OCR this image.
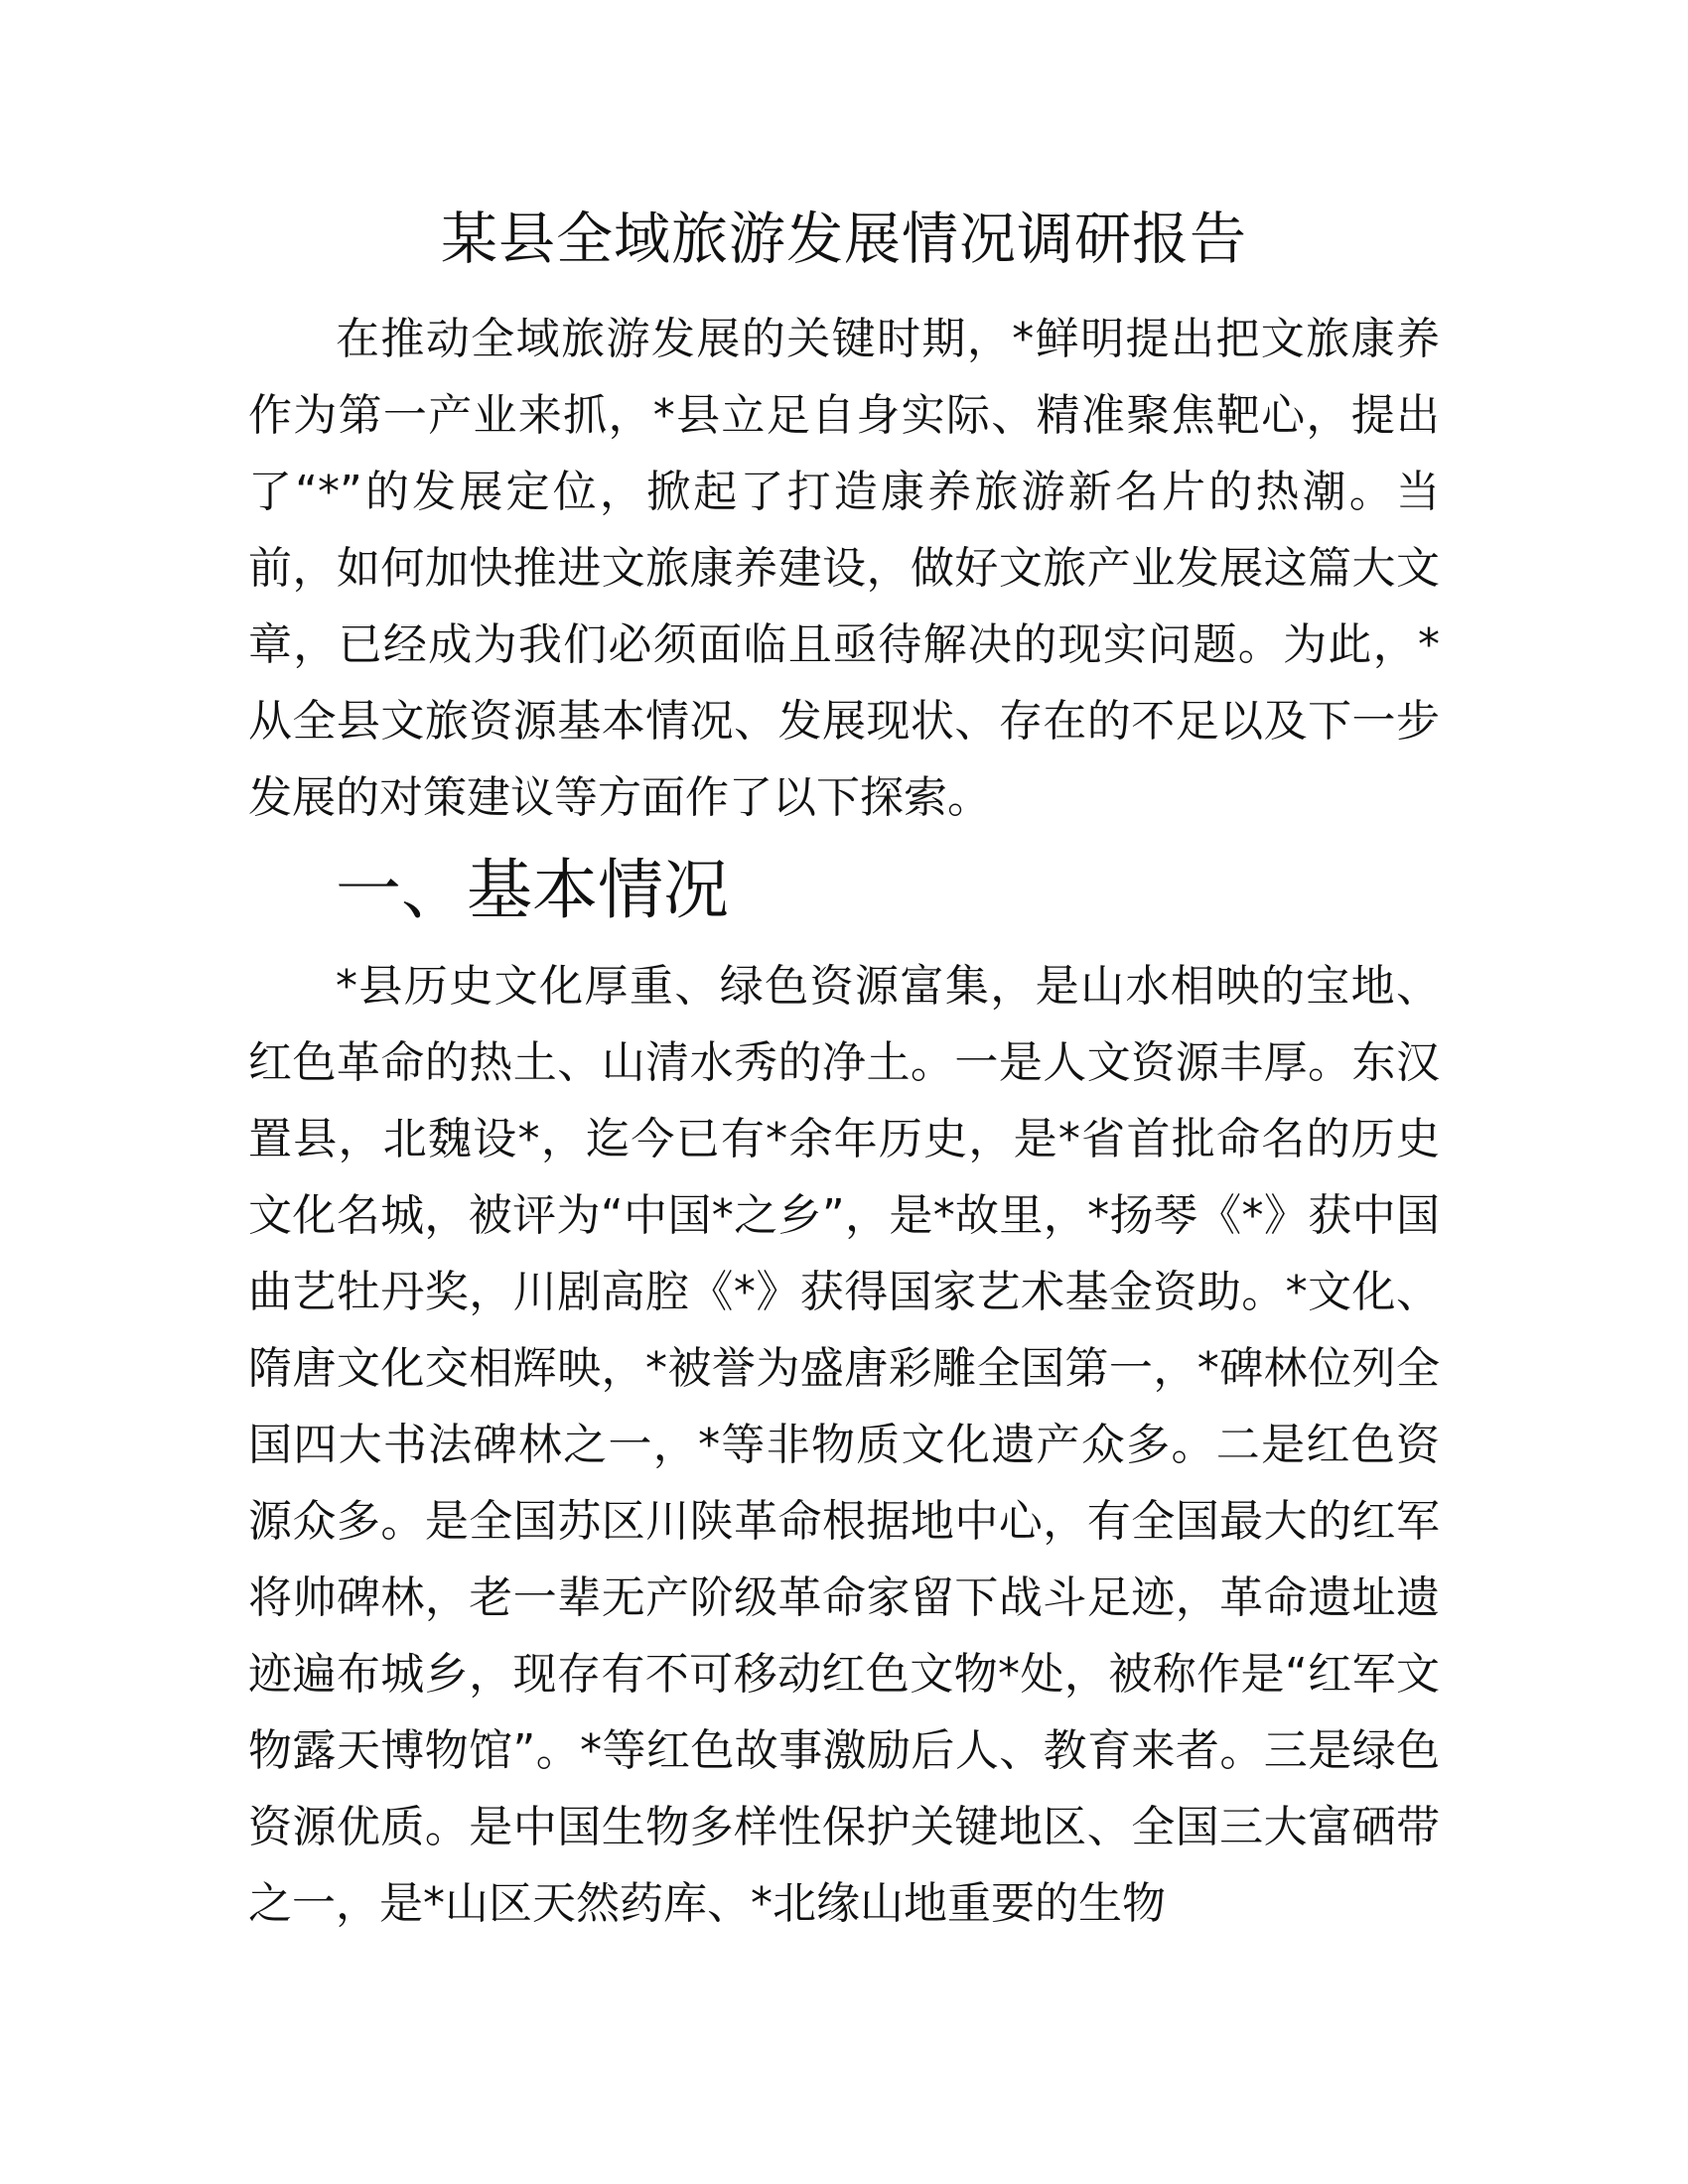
某县全域旅游发展情况调研报告

在推动全域旅游发展的关键时期，*鲜明提出把文旅康养作为第一产业来抓，*县立足自身实际、精准聚焦靶心，提出了“*”的发展定位，掀起了打造康养旅游新名片的热潮。当前，如何加快推进文旅康养建设，做好文旅产业发展这篇大文章，已经成为我们必须面临且亟待解决的现实问题。为此，*从全县文旅资源基本情况、发展现状、存在的不足以及下一步发展的对策建议等方面作了以下探索。

一、基本情况

*县历史文化厚重、绿色资源富集，是山水相映的宝地、红色革命的热土、山清水秀的净土。一是人文资源丰厚。东汉置县，北魏设*，迄今已有*余年历史，是*省首批命名的历史文化名城，被评为“中国*之乡”，是*故里，*扬琴《*》获中国曲艺牡丹奖，川剧高腔《*》获得国家艺术基金资助。*文化、隋唐文化交相辉映，*被誉为盛唐彩雕全国第一，*碑林位列全国四大书法碑林之一，*等非物质文化遗产众多。二是红色资源众多。是全国苏区川陕革命根据地中心，有全国最大的红军将帅碑林，老一辈无产阶级革命家留下战斗足迹，革命遗址遗迹遍布城乡，现存有不可移动红色文物*处，被称作是“红军文物露天博物馆”。*等红色故事激励后人、教育来者。三是绿色资源优质。是中国生物多样性保护关键地区、全国三大富硒带之一，是*山区天然药库、*北缘山地重要的生物
